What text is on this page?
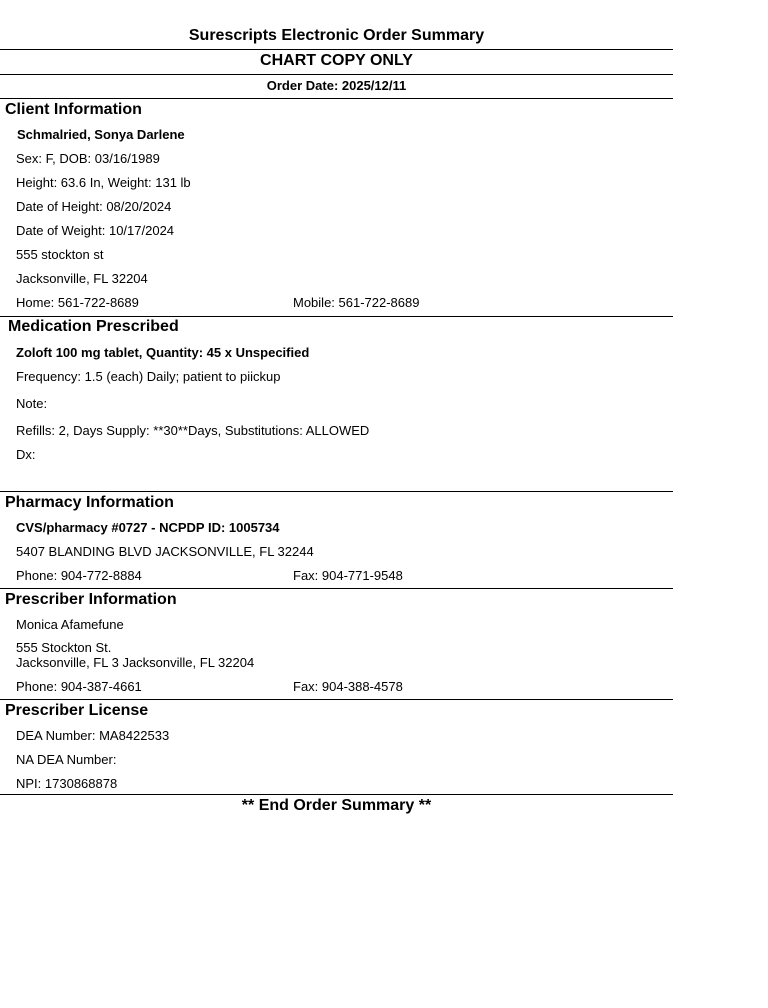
Surescripts Electronic Order Summary
CHART COPY ONLY
Order Date: 2025/12/11
Client Information
Schmalried, Sonya Darlene
Sex: F, DOB: 03/16/1989
Height: 63.6 In, Weight: 131 lb
Date of Height: 08/20/2024
Date of Weight: 10/17/2024
555 stockton st
Jacksonville, FL 32204
Home: 561-722-8689	Mobile: 561-722-8689
Medication Prescribed
Zoloft 100 mg tablet, Quantity: 45 x Unspecified
Frequency: 1.5 (each) Daily; patient to piickup
Note:
Refills: 2, Days Supply: **30**Days, Substitutions: ALLOWED
Dx:
Pharmacy Information
CVS/pharmacy #0727 - NCPDP ID: 1005734
5407 BLANDING BLVD JACKSONVILLE, FL 32244
Phone: 904-772-8884	Fax: 904-771-9548
Prescriber Information
Monica Afamefune
555 Stockton St.
Jacksonville, FL 3 Jacksonville, FL 32204
Phone: 904-387-4661	Fax: 904-388-4578
Prescriber License
DEA Number: MA8422533
NA DEA Number:
NPI: 1730868878
** End Order Summary **
